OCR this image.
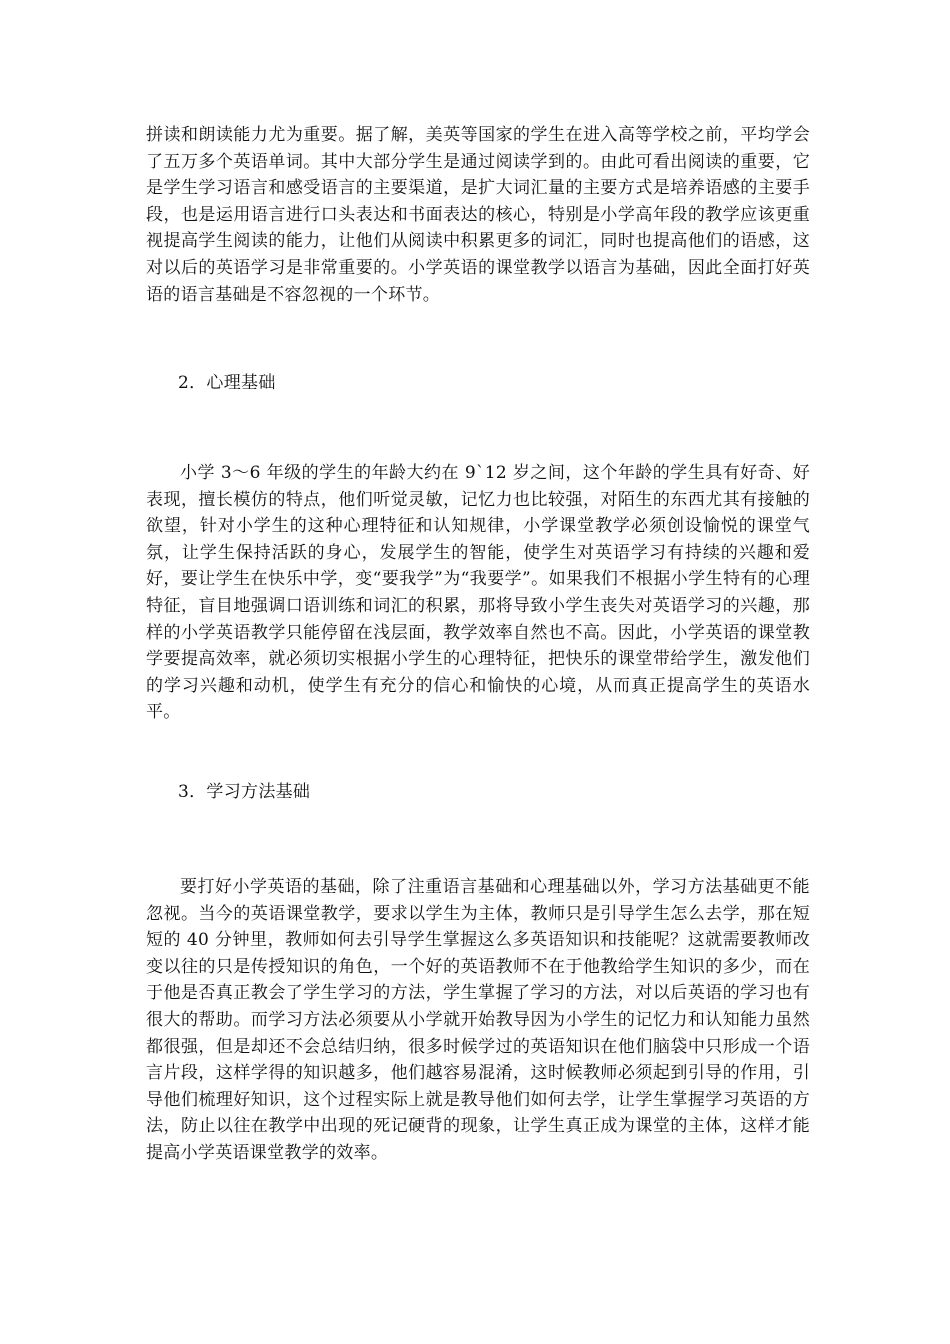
拼读和朗读能力尤为重要。据了解，美英等国家的学生在进入高等学校之前，平均学会了五万多个英语单词。其中大部分学生是通过阅读学到的。由此可看出阅读的重要，它是学生学习语言和感受语言的主要渠道，是扩大词汇量的主要方式是培养语感的主要手段，也是运用语言进行口头表达和书面表达的核心，特别是小学高年段的教学应该更重视提高学生阅读的能力，让他们从阅读中积累更多的词汇，同时也提高他们的语感，这对以后的英语学习是非常重要的。小学英语的课堂教学以语言为基础，因此全面打好英语的语言基础是不容忽视的一个环节。

2．心理基础

小学 3～6 年级的学生的年龄大约在 9`12 岁之间，这个年龄的学生具有好奇、好表现，擅长模仿的特点，他们听觉灵敏，记忆力也比较强，对陌生的东西尤其有接触的欲望，针对小学生的这种心理特征和认知规律，小学课堂教学必须创设愉悦的课堂气氛，让学生保持活跃的身心，发展学生的智能，使学生对英语学习有持续的兴趣和爱好，要让学生在快乐中学，变“要我学”为“我要学”。如果我们不根据小学生特有的心理特征，盲目地强调口语训练和词汇的积累，那将导致小学生丧失对英语学习的兴趣，那样的小学英语教学只能停留在浅层面，教学效率自然也不高。因此，小学英语的课堂教学要提高效率，就必须切实根据小学生的心理特征，把快乐的课堂带给学生，激发他们的学习兴趣和动机，使学生有充分的信心和愉快的心境，从而真正提高学生的英语水平。

3．学习方法基础

要打好小学英语的基础，除了注重语言基础和心理基础以外，学习方法基础更不能忽视。当今的英语课堂教学，要求以学生为主体，教师只是引导学生怎么去学，那在短短的 40 分钟里，教师如何去引导学生掌握这么多英语知识和技能呢？这就需要教师改变以往的只是传授知识的角色，一个好的英语教师不在于他教给学生知识的多少，而在于他是否真正教会了学生学习的方法，学生掌握了学习的方法，对以后英语的学习也有很大的帮助。而学习方法必须要从小学就开始教导因为小学生的记忆力和认知能力虽然都很强，但是却还不会总结归纳，很多时候学过的英语知识在他们脑袋中只形成一个语言片段，这样学得的知识越多，他们越容易混淆，这时候教师必须起到引导的作用，引导他们梳理好知识，这个过程实际上就是教导他们如何去学，让学生掌握学习英语的方法，防止以往在教学中出现的死记硬背的现象，让学生真正成为课堂的主体，这样才能提高小学英语课堂教学的效率。
